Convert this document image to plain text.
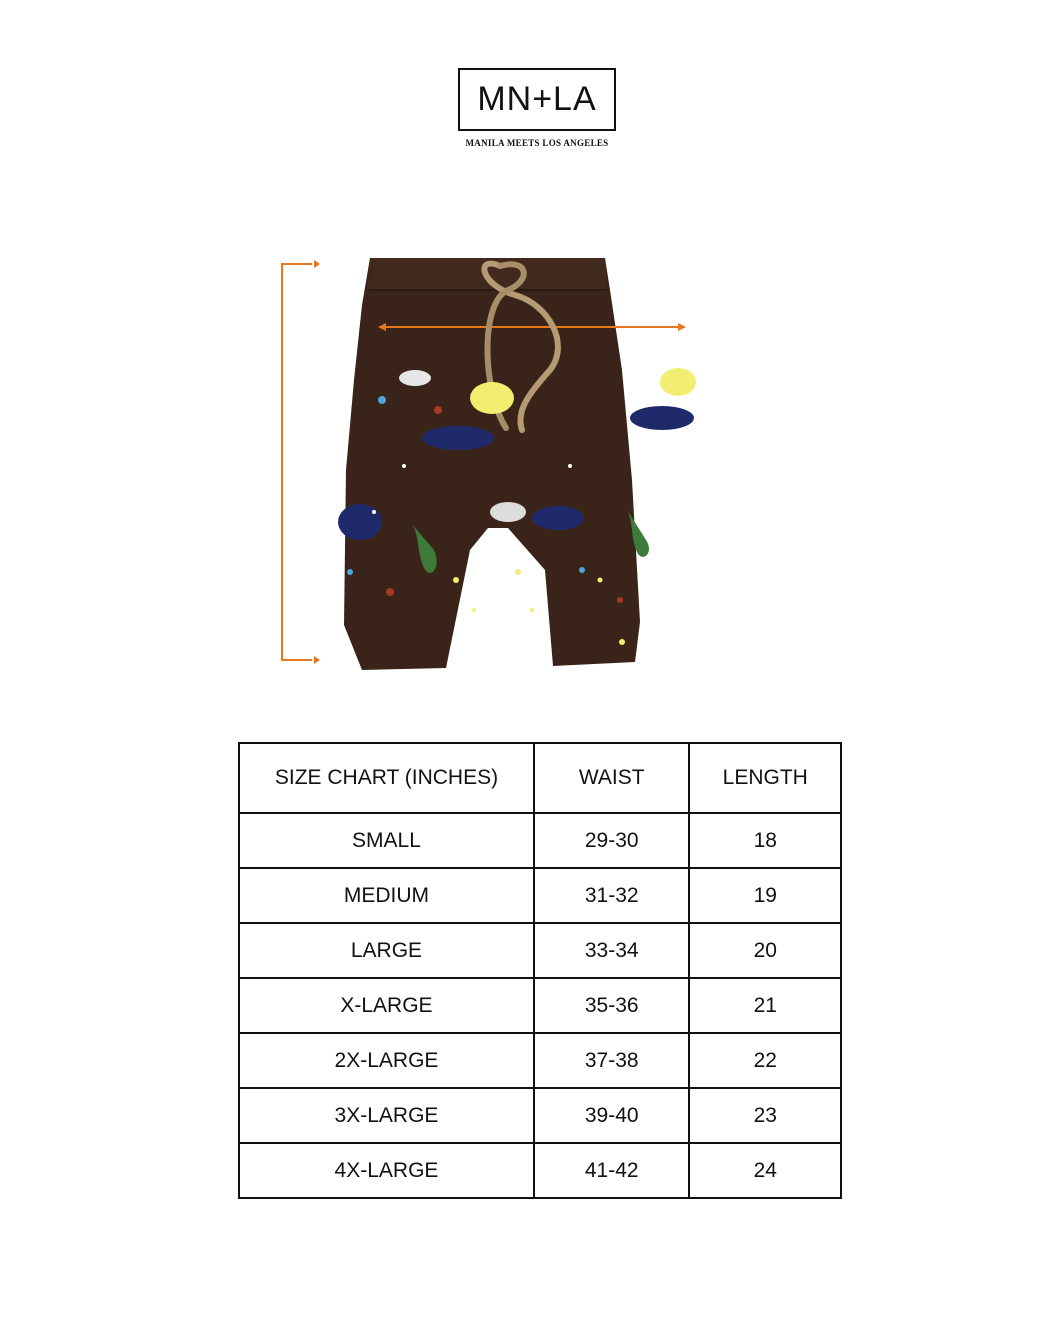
MN+LA
MANILA MEETS LOS ANGELES
SIZE CHART (INCHES)	WAIST	LENGTH
SMALL	29-30	18
MEDIUM	31-32	19
LARGE	33-34	20
X-LARGE	35-36	21
2X-LARGE	37-38	22
3X-LARGE	39-40	23
4X-LARGE	41-42	24
